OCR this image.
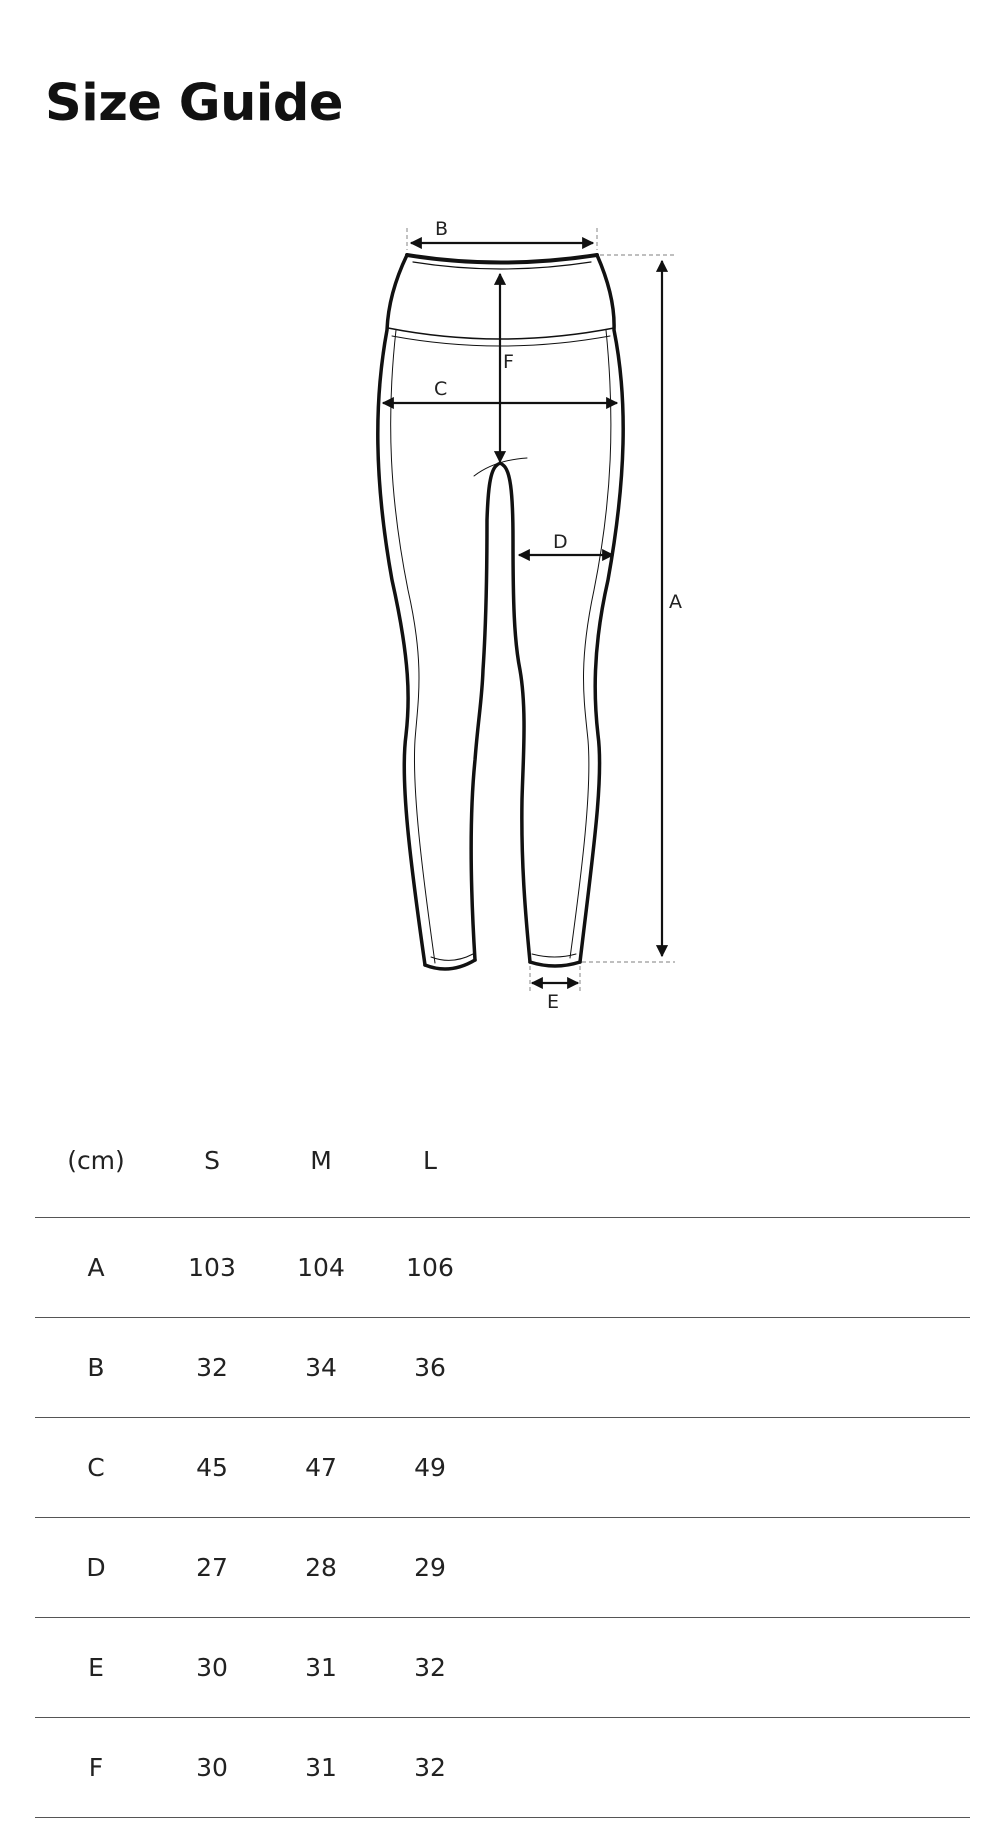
Size Guide
B
F
C
D
A
E
(cm)	S	M	L	
A	103	104	106	
B	32	34	36	
C	45	47	49	
D	27	28	29	
E	30	31	32	
F	30	31	32	
